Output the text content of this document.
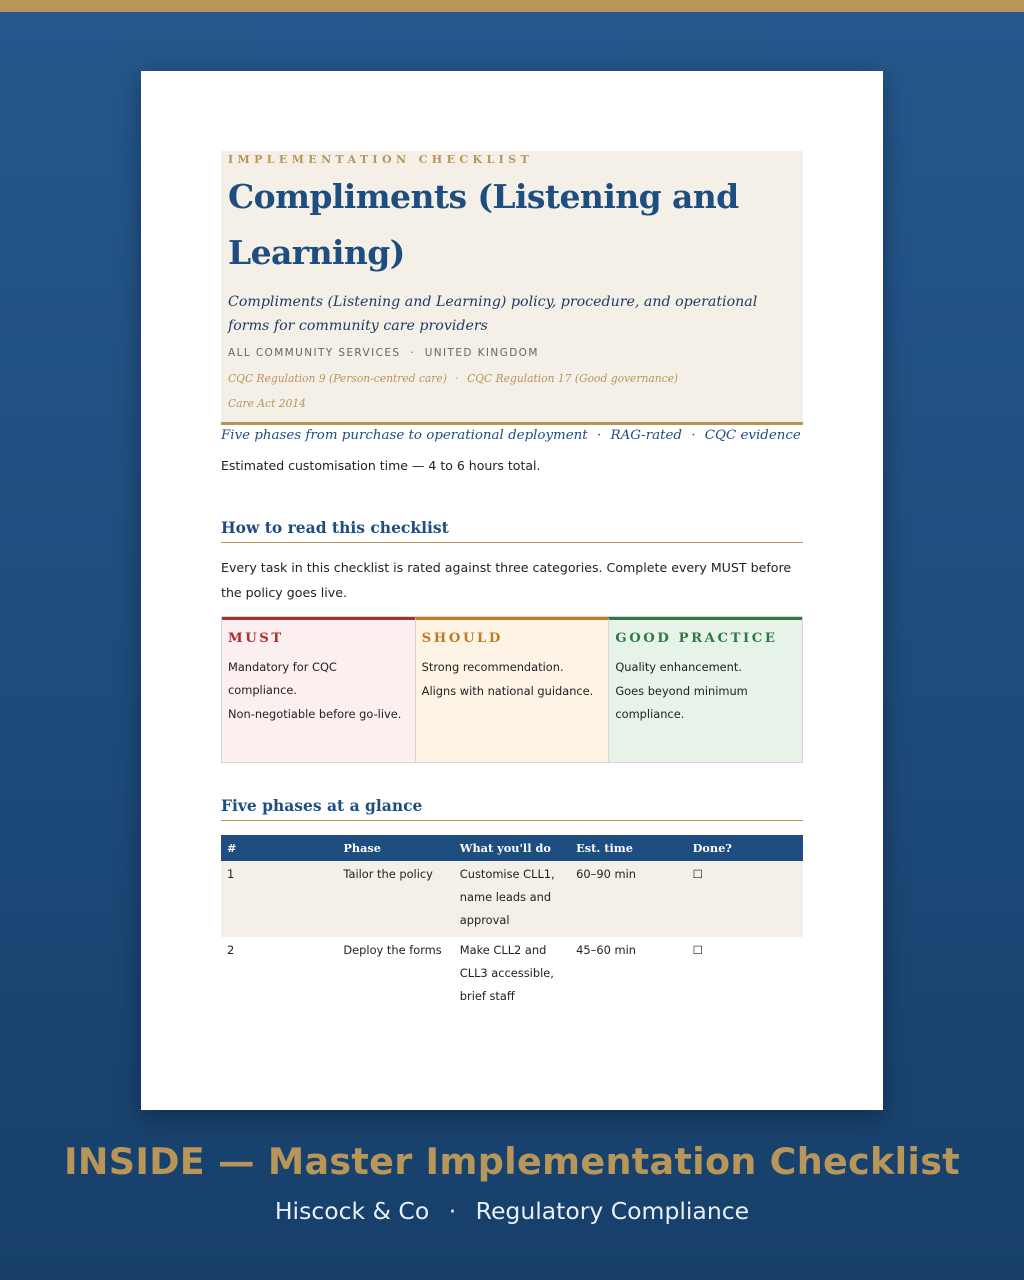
IMPLEMENTATION CHECKLIST
Compliments (Listening and Learning)

Compliments (Listening and Learning) policy, procedure, and operational forms for community care providers

ALL COMMUNITY SERVICES · UNITED KINGDOM
CQC Regulation 9 (Person-centred care) · CQC Regulation 17 (Good governance)
Care Act 2014
Five phases from purchase to operational deployment · RAG-rated · CQC evidence

Estimated customisation time — 4 to 6 hours total.

How to read this checklist

Every task in this checklist is rated against three categories. Complete every MUST before the policy goes live.

MUST

Mandatory for CQC compliance.

Non-negotiable before go-live.

SHOULD

Strong recommendation.

Aligns with national guidance.

GOOD PRACTICE

Quality enhancement.

Goes beyond minimum compliance.

Five phases at a glance
#	Phase	What you'll do	Est. time	Done?
1	Tailor the policy	Customise CLL1, name leads and approval	60–90 min	☐
2	Deploy the forms	Make CLL2 and CLL3 accessible, brief staff	45–60 min	☐
INSIDE — Master Implementation Checklist
Hiscock & Co · Regulatory Compliance
